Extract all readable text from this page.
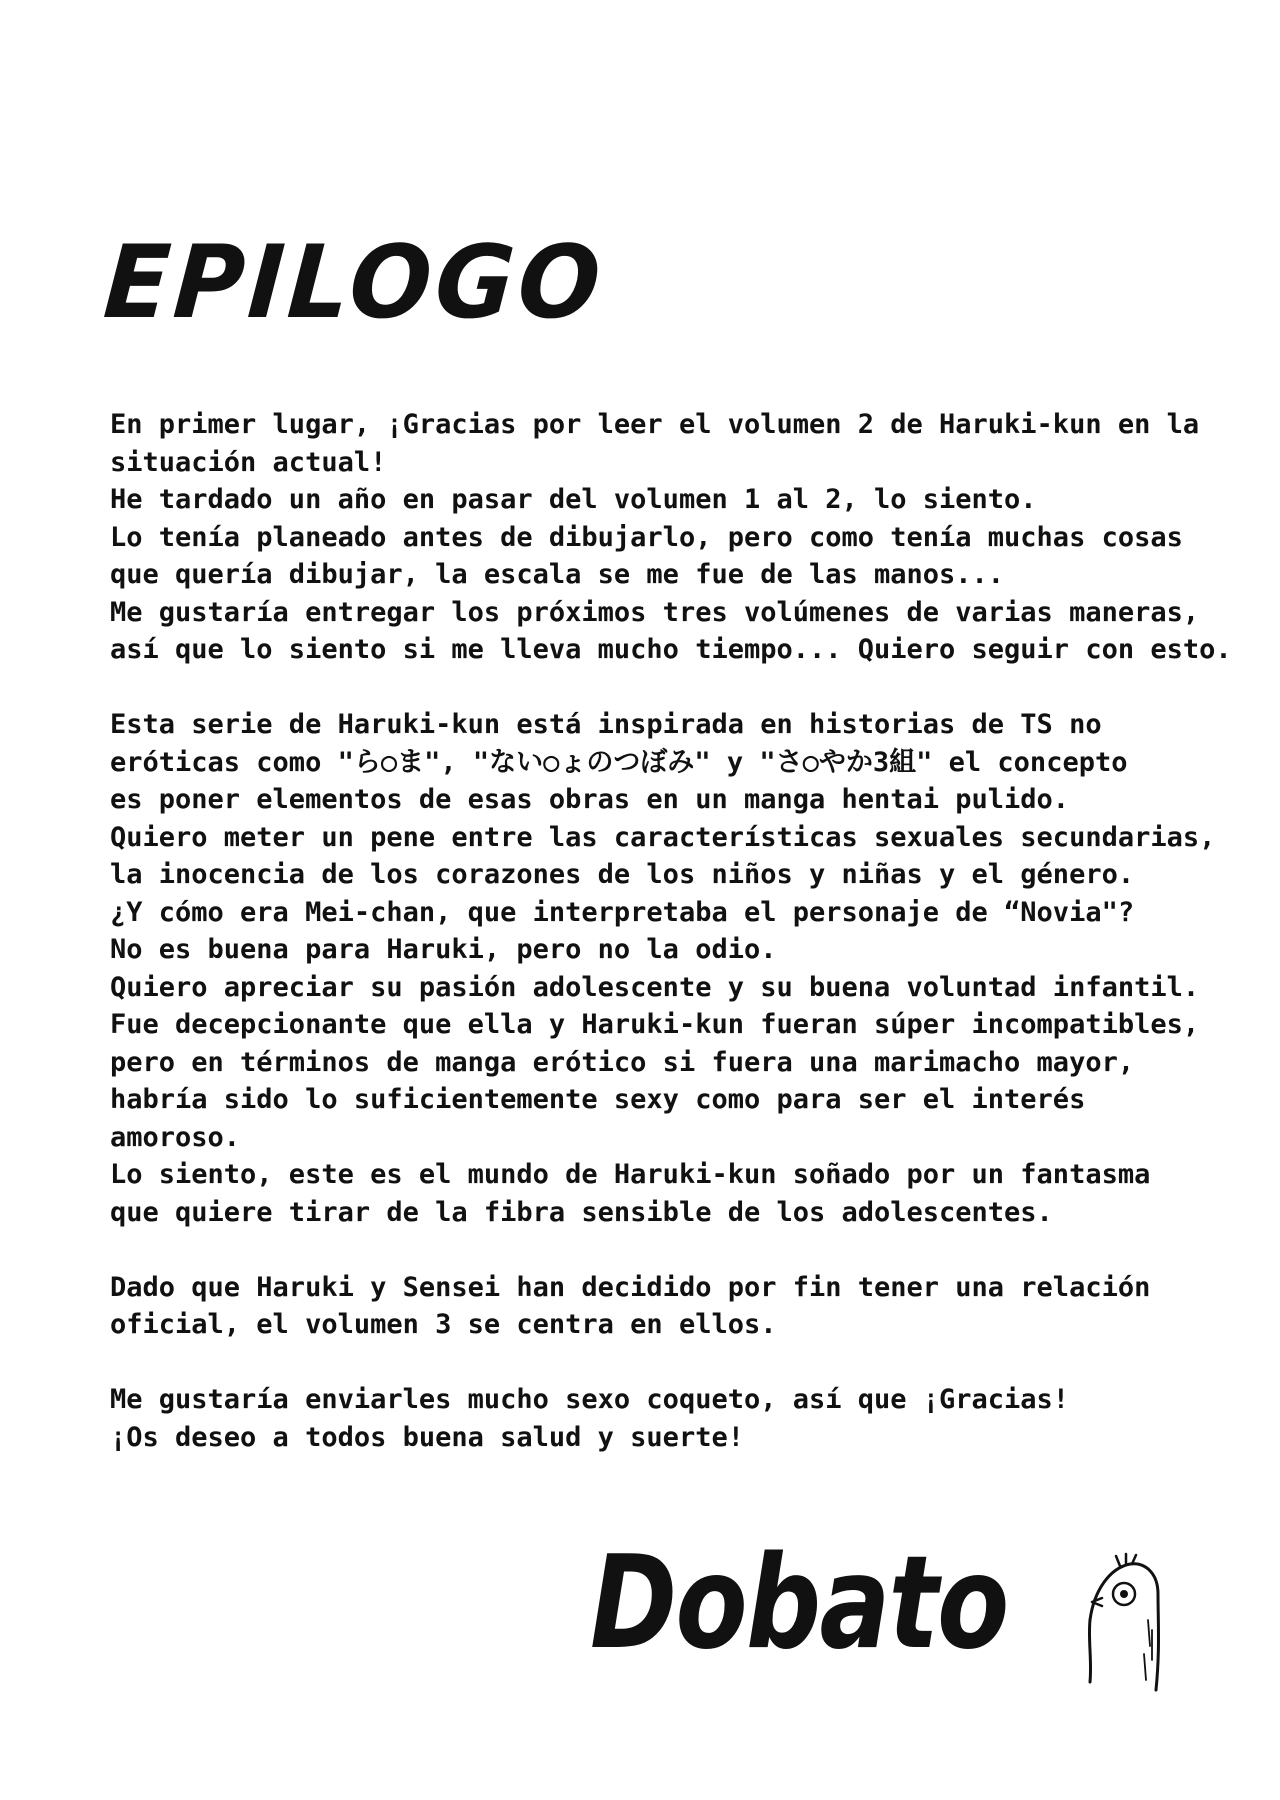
EPILOGO

En primer lugar, ¡Gracias por leer el volumen 2 de Haruki-kun en la
situación actual!
He tardado un año en pasar del volumen 1 al 2, lo siento.
Lo tenía planeado antes de dibujarlo, pero como tenía muchas cosas
que quería dibujar, la escala se me fue de las manos...
Me gustaría entregar los próximos tres volúmenes de varias maneras,
así que lo siento si me lleva mucho tiempo... Quiero seguir con esto.

Esta serie de Haruki-kun está inspirada en historias de TS no
eróticas como "ら○ま", "ない○ょのつぼみ" y "さ○やか3組" el concepto
es poner elementos de esas obras en un manga hentai pulido.
Quiero meter un pene entre las características sexuales secundarias,
la inocencia de los corazones de los niños y niñas y el género.
¿Y cómo era Mei-chan, que interpretaba el personaje de “Novia"?
No es buena para Haruki, pero no la odio.
Quiero apreciar su pasión adolescente y su buena voluntad infantil.
Fue decepcionante que ella y Haruki-kun fueran súper incompatibles,
pero en términos de manga erótico si fuera una marimacho mayor,
habría sido lo suficientemente sexy como para ser el interés
amoroso.
Lo siento, este es el mundo de Haruki-kun soñado por un fantasma
que quiere tirar de la fibra sensible de los adolescentes.

Dado que Haruki y Sensei han decidido por fin tener una relación
oficial, el volumen 3 se centra en ellos.

Me gustaría enviarles mucho sexo coqueto, así que ¡Gracias!
¡Os deseo a todos buena salud y suerte!

Dobato
